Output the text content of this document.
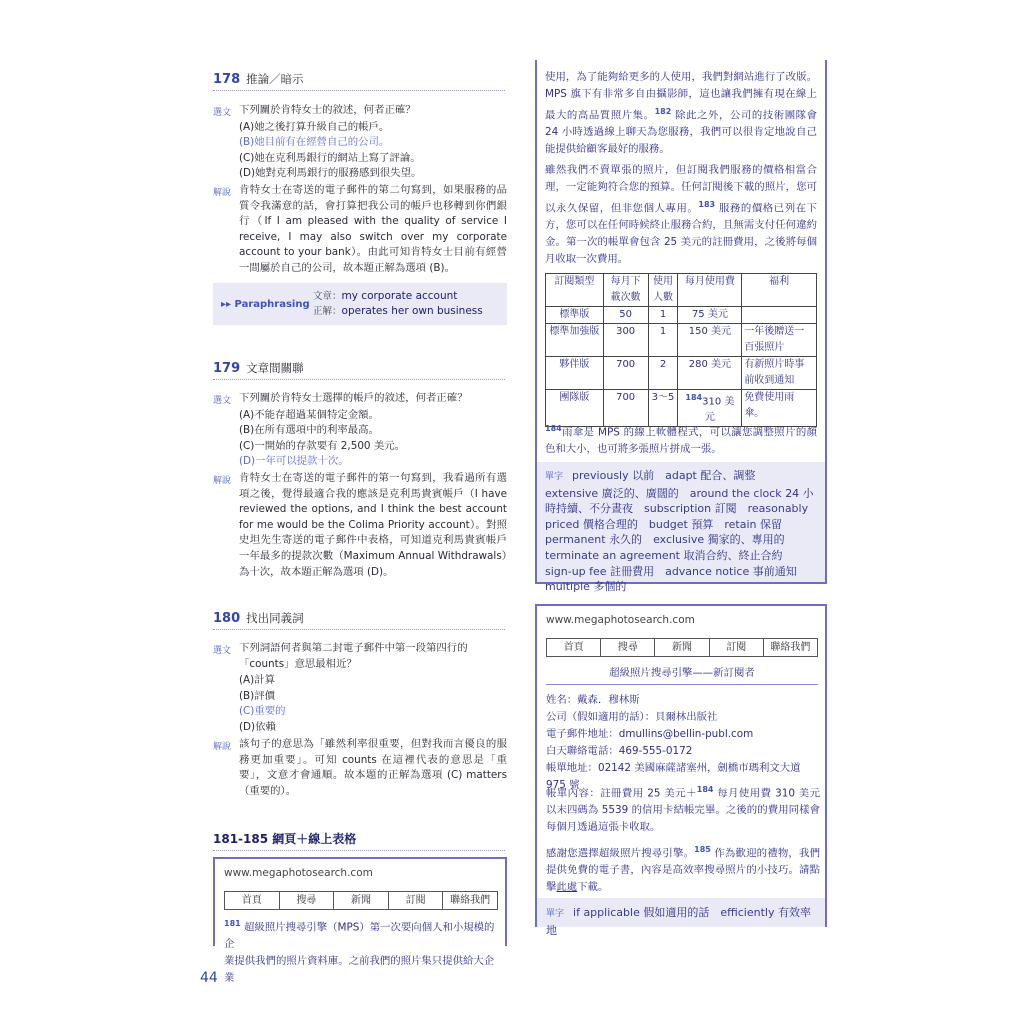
178 推論／暗示
選文 下列關於肯特女士的敘述，何者正確？
(A)她之後打算升級自己的帳戶。
(B)她目前有在經營自己的公司。
(C)她在克利馬銀行的網站上寫了評論。
(D)她對克利馬銀行的服務感到很失望。
解說 肯特女士在寄送的電子郵件的第二句寫到，如果服務的品質令我滿意的話，會打算把我公司的帳戶也移轉到你們銀行（If I am pleased with the quality of service I receive, I may also switch over my corporate account to your bank）。由此可知肯特女士目前有經營一間屬於自己的公司，故本題正解為選項 (B)。
▸▸ Paraphrasing
文章：my corporate account
正解：operates her own business
179 文章間關聯
選文 下列關於肯特女士選擇的帳戶的敘述，何者正確？
(A)不能存超過某個特定金額。
(B)在所有選項中的利率最高。
(C)一開始的存款要有 2,500 美元。
(D)一年可以提款十次。
解說 肯特女士在寄送的電子郵件的第一句寫到，我看過所有選項之後，覺得最適合我的應該是克利馬貴賓帳戶（I have reviewed the options, and I think the best account for me would be the Colima Priority account）。對照史坦先生寄送的電子郵件中表格，可知道克利馬貴賓帳戶一年最多的提款次數（Maximum Annual Withdrawals）為十次，故本題正解為選項 (D)。
180 找出同義詞
選文 下列詞語何者與第二封電子郵件中第一段第四行的「counts」意思最相近？
(A)計算
(B)評價
(C)重要的
(D)依賴
解說 該句子的意思為「雖然利率很重要，但對我而言優良的服務更加重要」。可知 counts 在這裡代表的意思是「重要」，文意才會通順。故本題的正解為選項 (C) matters（重要的）。
181-185 網頁＋線上表格
www.megaphotosearch.com
首頁	搜尋	新聞	訂閱	聯絡我們
$^{181}$ 超級照片搜尋引擎（MPS）第一次要向個人和小規模的企
業提供我們的照片資料庫。之前我們的照片集只提供給大企業
使用，為了能夠給更多的人使用，我們對網站進行了改版。MPS 旗下有非常多自由攝影師，這也讓我們擁有現在線上最大的高品質照片集。$^{182}$ 除此之外，公司的技術團隊會 24 小時透過線上聊天為您服務，我們可以很肯定地說自己能提供給顧客最好的服務。
雖然我們不賣單張的照片，但訂閱我們服務的價格相當合理，一定能夠符合您的預算。任何訂閱後下載的照片，您可以永久保留，但非您個人專用。$^{183}$ 服務的價格已列在下方，您可以在任何時候終止服務合約，且無需支付任何違約金。第一次的帳單會包含 25 美元的註冊費用，之後將每個月收取一次費用。
訂閱類型	每月下載次數	使用人數	每月使用費	福利
標準版	50	1	75 美元	
標準加強版	300	1	150 美元	一年後贈送一百張照片
夥伴版	700	2	280 美元	有新照片時事前收到通知
團隊版	700	3〜5	$^{184}$310 美元	免費使用雨傘。
$^{184}$雨傘是 MPS 的線上軟體程式，可以讓您調整照片的顏色和大小，也可將多張照片拼成一張。
單字　previously 以前　adapt 配合、調整　extensive 廣泛的、廣闊的　around the clock 24 小時持續、不分晝夜　subscription 訂閱　reasonably priced 價格合理的　budget 預算　retain 保留　permanent 永久的　exclusive 獨家的、專用的　terminate an agreement 取消合約、終止合約　sign-up fee 註冊費用　advance notice 事前通知　multiple 多個的　
www.megaphotosearch.com
首頁	搜尋	新聞	訂閱	聯絡我們
超級照片搜尋引擎——新訂閱者
姓名：戴森．穆林斯
公司（假如適用的話）：貝爾林出版社
電子郵件地址：dmullins@bellin-publ.com
白天聯絡電話：469-555-0172
帳單地址：02142 美國麻薩諸塞州，劍橋市瑪利文大道 975 號
帳單內容：註冊費用 25 美元＋$^{184}$ 每月使用費 310 美元以末四碼為 5539 的信用卡結帳完畢。之後的的費用同樣會每個月透過這張卡收取。
感謝您選擇超級照片搜尋引擎。$^{185}$ 作為歡迎的禮物，我們提供免費的電子書，內容是高效率搜尋照片的小技巧。請點擊此處下載。
單字　if applicable 假如適用的話　efficiently 有效率地　
44
